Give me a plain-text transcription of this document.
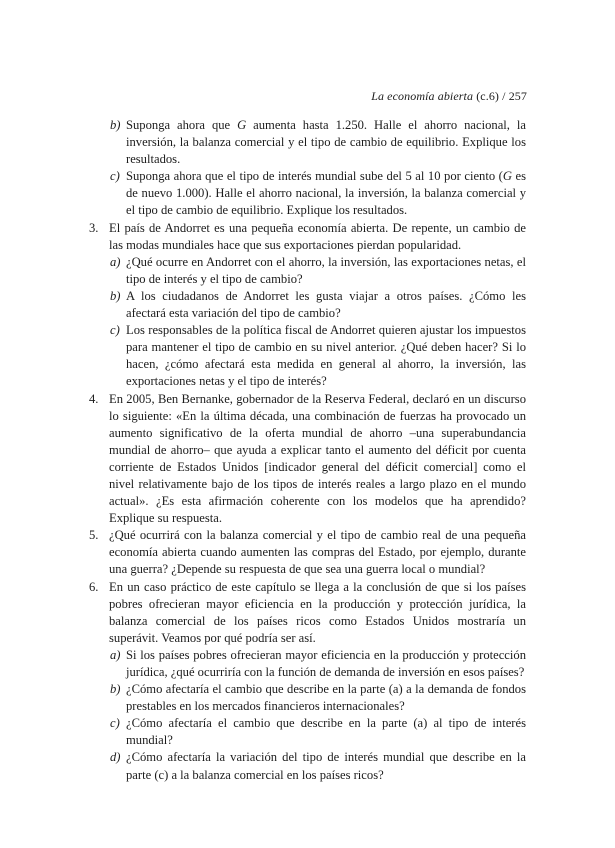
La economía abierta (c.6) / 257
b) Suponga ahora que G aumenta hasta 1.250. Halle el ahorro nacional, la inversión, la balanza comercial y el tipo de cambio de equilibrio. Explique los resultados.

c) Suponga ahora que el tipo de interés mundial sube del 5 al 10 por ciento (G es de nuevo 1.000). Halle el ahorro nacional, la inversión, la balanza comercial y el tipo de cambio de equilibrio. Explique los resultados.

3. El país de Andorret es una pequeña economía abierta. De repente, un cambio de las modas mundiales hace que sus exportaciones pierdan popularidad.

a) ¿Qué ocurre en Andorret con el ahorro, la inversión, las exportaciones netas, el tipo de interés y el tipo de cambio?

b) A los ciudadanos de Andorret les gusta viajar a otros países. ¿Cómo les afectará esta variación del tipo de cambio?

c) Los responsables de la política fiscal de Andorret quieren ajustar los impuestos para mantener el tipo de cambio en su nivel anterior. ¿Qué deben hacer? Si lo hacen, ¿cómo afectará esta medida en general al ahorro, la inversión, las exportaciones netas y el tipo de interés?

4. En 2005, Ben Bernanke, gobernador de la Reserva Federal, declaró en un discurso lo siguiente: «En la última década, una combinación de fuerzas ha provocado un aumento significativo de la oferta mundial de ahorro –una superabundancia mundial de ahorro– que ayuda a explicar tanto el aumento del déficit por cuenta corriente de Estados Unidos [indicador general del déficit comercial] como el nivel relativamente bajo de los tipos de interés reales a largo plazo en el mundo actual». ¿Es esta afirmación coherente con los modelos que ha aprendido? Explique su respuesta.

5. ¿Qué ocurrirá con la balanza comercial y el tipo de cambio real de una pequeña economía abierta cuando aumenten las compras del Estado, por ejemplo, durante una guerra? ¿Depende su respuesta de que sea una guerra local o mundial?

6. En un caso práctico de este capítulo se llega a la conclusión de que si los países pobres ofrecieran mayor eficiencia en la producción y protección jurídica, la balanza comercial de los países ricos como Estados Unidos mostraría un superávit. Veamos por qué podría ser así.

a) Si los países pobres ofrecieran mayor eficiencia en la producción y protección jurídica, ¿qué ocurriría con la función de demanda de inversión en esos países?

b) ¿Cómo afectaría el cambio que describe en la parte (a) a la demanda de fondos prestables en los mercados financieros internacionales?

c) ¿Cómo afectaría el cambio que describe en la parte (a) al tipo de interés mundial?

d) ¿Cómo afectaría la variación del tipo de interés mundial que describe en la parte (c) a la balanza comercial en los países ricos?
